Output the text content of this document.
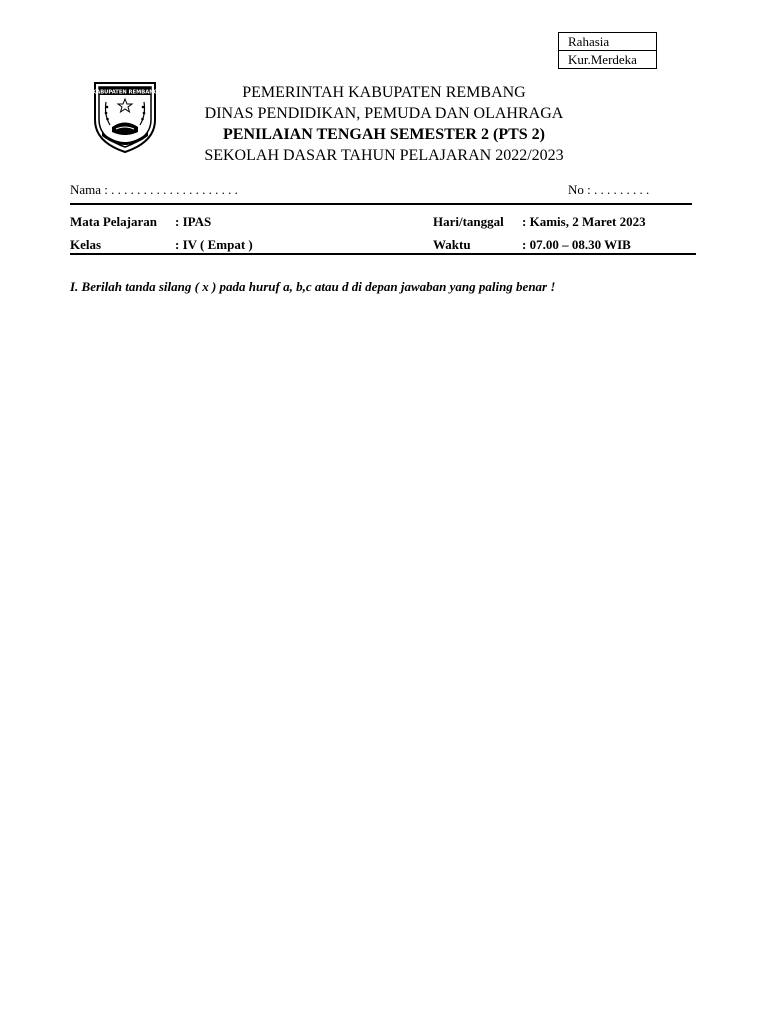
Rahasia
Kur.Merdeka
KABUPATEN REMBANG	PEMERINTAH KABUPATEN REMBANG
DINAS PENDIDIKAN, PEMUDA DAN OLAHRAGA
PENILAIAN TENGAH SEMESTER 2 (PTS 2)
SEKOLAH DASAR TAHUN PELAJARAN 2022/2023
Nama : . . . . . . . . . . . . . . . . . . . .	No : . . . . . . . . .
Mata Pelajaran : IPAS	Hari/tanggal : Kamis, 2 Maret 2023
Kelas	: IV ( Empat )	Waktu	: 07.00 – 08.30 WIB
I. Berilah tanda silang ( x ) pada huruf a, b,c atau d di depan jawaban yang paling benar !
